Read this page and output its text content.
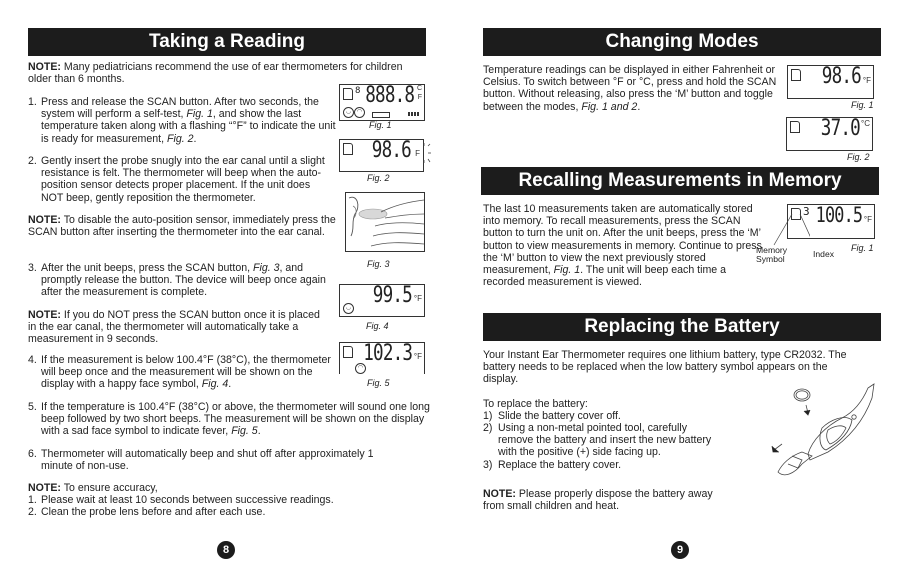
Taking a Reading
NOTE: Many pediatricians recommend the use of ear thermometers for children older than 6 months.
1. Press and release the SCAN button. After two seconds, the system will perform a self-test, Fig. 1, and show the last temperature taken along with a flashing “°F” to indicate the unit is ready for measurement, Fig. 2.
2. Gently insert the probe snugly into the ear canal until a slight resistance is felt. The thermometer will beep when the auto-position sensor detects proper placement. If the unit does NOT beep, gently reposition the thermometer.
NOTE: To disable the auto-position sensor, immediately press the SCAN button after inserting the thermometer into the ear canal.
3. After the unit beeps, press the SCAN button, Fig. 3, and promptly release the button. The device will beep once again after the measurement is complete.
NOTE: If you do NOT press the SCAN button once it is placed in the ear canal, the thermometer will automatically take a measurement in 9 seconds.
4. If the measurement is below 100.4°F (38°C), the thermometer will beep once and the measurement will be shown on the display with a happy face symbol, Fig. 4.
5. If the temperature is 100.4°F (38°C) or above, the thermometer will sound one long beep followed by two short beeps. The measurement will be shown on the display with a sad face symbol to indicate fever, Fig. 5.
6. Thermometer will automatically beep and shut off after approximately 1 minute of non-use.
NOTE: To ensure accuracy,
1. Please wait at least 10 seconds between successive readings.
2. Clean the probe lens before and after each use.
8 888.8 C
F
◡ ◠
Fig. 1
98.6 F
Fig. 2
Fig. 3
99.5 °F
◡
Fig. 4
102.3 °F
◠
Fig. 5
8
Changing Modes
Temperature readings can be displayed in either Fahrenheit or Celsius. To switch between °F or °C, press and hold the SCAN button. Without releasing, also press the ‘M’ button and toggle between the modes, Fig. 1 and 2.
98.6 °F
Fig. 1
37.0 °C
Fig. 2
Recalling Measurements in Memory
The last 10 measurements taken are automatically stored into memory. To recall measurements, press the SCAN button to turn the unit on. After the unit beeps, press the ‘M’ button to view measurements in memory. Continue to press the ‘M’ button to view the next previously stored measurement, Fig. 1. The unit will beep each time a recorded measurement is viewed.
3 100.5 °F
Memory Symbol	Index
Fig. 1
Replacing the Battery
Your Instant Ear Thermometer requires one lithium battery, type CR2032. The battery needs to be replaced when the low battery symbol appears on the display.
To replace the battery:
1) Slide the battery cover off.
2) Using a non-metal pointed tool, carefully remove the battery and insert the new battery with the positive (+) side facing up.
3) Replace the battery cover.
NOTE: Please properly dispose the battery away from small children and heat.
9
